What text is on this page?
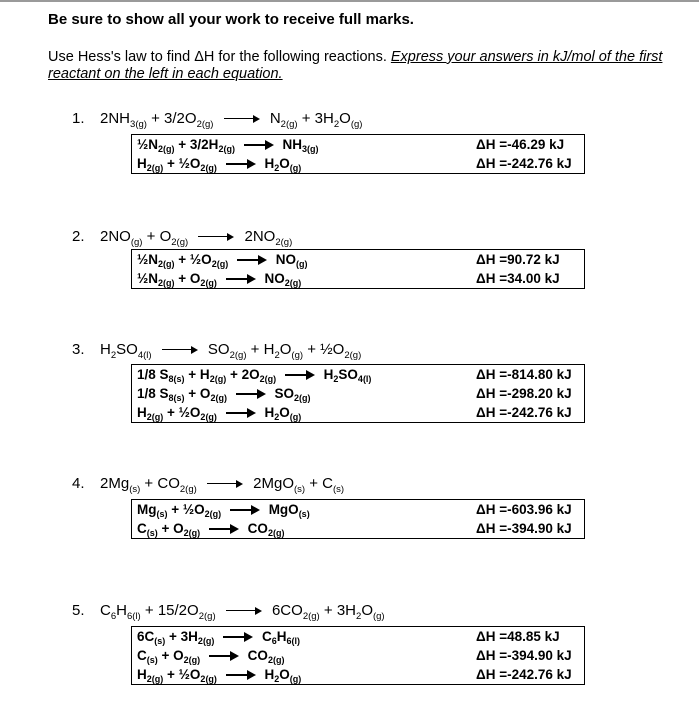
Be sure to show all your work to receive full marks.
Use Hess's law to find ΔH for the following reactions. Express your answers in kJ/mol of the first reactant on the left in each equation.
1. $2NH_{3(g)} + 3/2O_{2(g)}$	$N_{2(g)} + 3H_2O_{(g)}$
$\frac{1}{2}N_{2(g)} + 3/2H_{2(g)}$	$NH_{3(g)}$	ΔH =-46.29 kJ
$H_{2(g)}$ + $\frac{1}{2}O_{2(g)}$	$H_2O_{(g)}$	ΔH =-242.76 kJ
2. $2NO_{(g)} + O_{2(g)}$	$2NO_{2(g)}$
$\frac{1}{2}N_{2(g)}$ + $\frac{1}{2}O_{2(g)}$	$NO_{(g)}$	ΔH =90.72 kJ
$\frac{1}{2}N_{2(g)} + O_{2(g)}$	$NO_{2(g)}$	ΔH =34.00 kJ
3. $H_2SO_{4(l)}$	$SO_{2(g)} + H_2O_{(g)}$ + $\frac{1}{2}O_{2(g)}$
1/8 $S_{8(s)} + H_{2(g)} + 2O_{2(g)}$	$H_2SO_{4(l)}$	ΔH =-814.80 kJ
1/8 $S_{8(s)} + O_{2(g)}$	$SO_{2(g)}$	ΔH =-298.20 kJ
$H_{2(g)}$ + $\frac{1}{2}O_{2(g)}$	$H_2O_{(g)}$	ΔH =-242.76 kJ
4. $2Mg_{(s)} + CO_{2(g)}$	$2MgO_{(s)} + C_{(s)}$
$Mg_{(s)}$ + $\frac{1}{2}O_{2(g)}$	MgO$_{(s)}$	ΔH =-603.96 kJ
$C_{(s)} + O_{2(g)}$	$CO_{2(g)}$	ΔH =-394.90 kJ
5. $C_6H_{6(l)} + 15/2O_{2(g)}$	$6CO_{2(g)} + 3H_2O_{(g)}$
$6C_{(s)} + 3H_{2(g)}$	$C_6H_{6(l)}$	ΔH =48.85 kJ
$C_{(s)} + O_{2(g)}$	$CO_{2(g)}$	ΔH =-394.90 kJ
$H_{2(g)}$ + $\frac{1}{2}O_{2(g)}$	$H_2O_{(g)}$	ΔH =-242.76 kJ
